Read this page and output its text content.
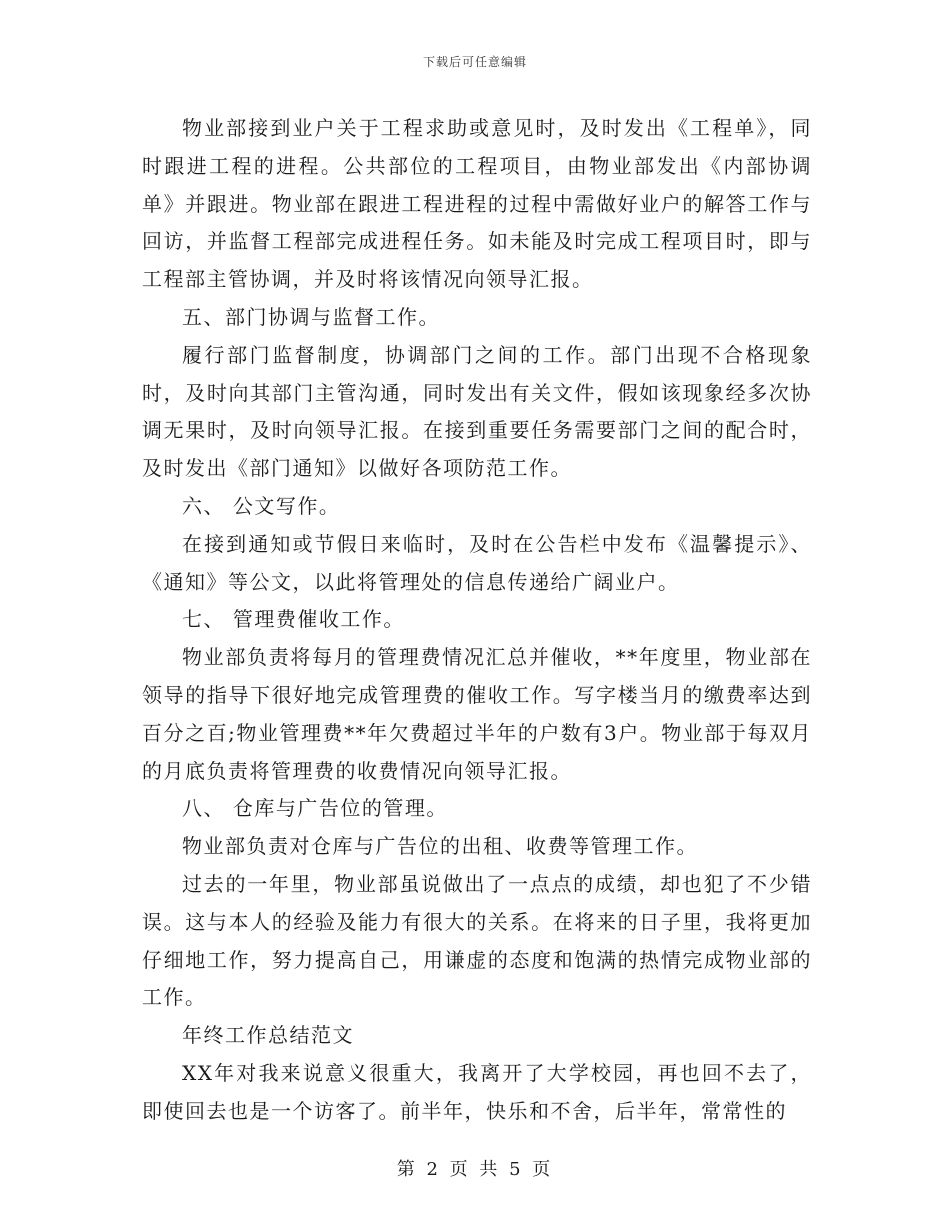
下载后可任意编辑

物业部接到业户关于工程求助或意见时，及时发出《工程单》，同时跟进工程的进程。公共部位的工程项目，由物业部发出《内部协调单》并跟进。物业部在跟进工程进程的过程中需做好业户的解答工作与回访，并监督工程部完成进程任务。如未能及时完成工程项目时，即与工程部主管协调，并及时将该情况向领导汇报。

五、部门协调与监督工作。

履行部门监督制度，协调部门之间的工作。部门出现不合格现象时，及时向其部门主管沟通，同时发出有关文件，假如该现象经多次协调无果时，及时向领导汇报。在接到重要任务需要部门之间的配合时，及时发出《部门通知》以做好各项防范工作。

六、 公文写作。

在接到通知或节假日来临时，及时在公告栏中发布《温馨提示》、《通知》等公文，以此将管理处的信息传递给广阔业户。

七、 管理费催收工作。

物业部负责将每月的管理费情况汇总并催收，**年度里，物业部在领导的指导下很好地完成管理费的催收工作。写字楼当月的缴费率达到百分之百;物业管理费**年欠费超过半年的户数有3户。物业部于每双月的月底负责将管理费的收费情况向领导汇报。

八、 仓库与广告位的管理。

物业部负责对仓库与广告位的出租、收费等管理工作。

过去的一年里，物业部虽说做出了一点点的成绩，却也犯了不少错误。这与本人的经验及能力有很大的关系。在将来的日子里，我将更加仔细地工作，努力提高自己，用谦虚的态度和饱满的热情完成物业部的工作。

年终工作总结范文

XX年对我来说意义很重大，我离开了大学校园，再也回不去了，即使回去也是一个访客了。前半年，快乐和不舍，后半年，常常性的

第 2 页 共 5 页
